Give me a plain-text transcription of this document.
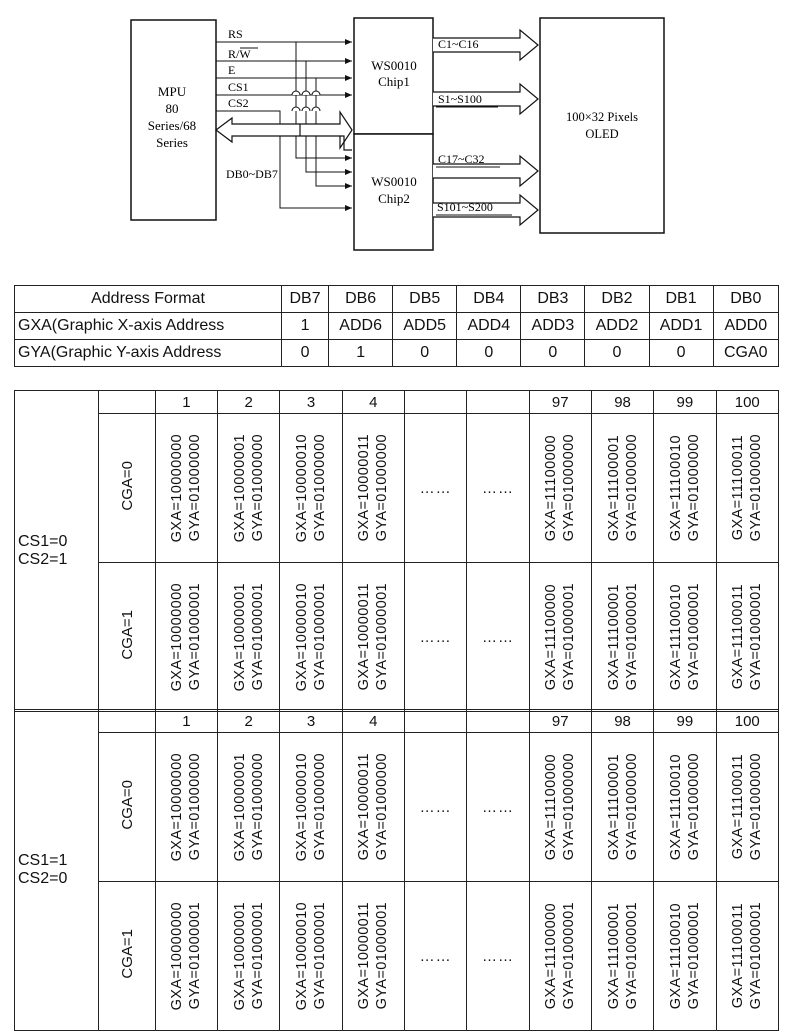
MPU
80
Series/68
Series
WS0010
Chip1
WS0010
Chip2
100×32 Pixels
OLED
RS
R/W
E
CS1
CS2
DB0~DB7
C1~C16
S1~S100
C17~C32
S101~S200
Address Format	DB7	DB6	DB5	DB4	DB3	DB2	DB1	DB0
GXA(Graphic X-axis Address	1	ADD6	ADD5	ADD4	ADD3	ADD2	ADD1	ADD0
GYA(Graphic Y-axis Address	0	1	0	0	0	0	0	CGA0
CS1=0
CS2=1		1	2	3	4			97	98	99	100
	CGA=0	GXA=10000000 GYA=01000000	GXA=10000001 GYA=01000000	GXA=10000010 GYA=01000000	GXA=10000011 GYA=01000000	……	……	GXA=11100000 GYA=01000000	GXA=11100001 GYA=01000000	GXA=11100010 GYA=01000000	GXA=11100011 GYA=01000000

	CGA=1	GXA=10000000 GYA=01000001	GXA=10000001 GYA=01000001	GXA=10000010 GYA=01000001	GXA=10000011 GYA=01000001	……	……	GXA=11100000 GYA=01000001	GXA=11100001 GYA=01000001	GXA=11100010 GYA=01000001	GXA=11100011 GYA=01000001
CS1=1
CS2=0		1	2	3	4			97	98	99	100
	CGA=0	GXA=10000000 GYA=01000000	GXA=10000001 GYA=01000000	GXA=10000010 GYA=01000000	GXA=10000011 GYA=01000000	……	……	GXA=11100000 GYA=01000000	GXA=11100001 GYA=01000000	GXA=11100010 GYA=01000000	GXA=11100011 GYA=01000000

	CGA=1	GXA=10000000 GYA=01000001	GXA=10000001 GYA=01000001	GXA=10000010 GYA=01000001	GXA=10000011 GYA=01000001	……	……	GXA=11100000 GYA=01000001	GXA=11100001 GYA=01000001	GXA=11100010 GYA=01000001	GXA=11100011 GYA=01000001
